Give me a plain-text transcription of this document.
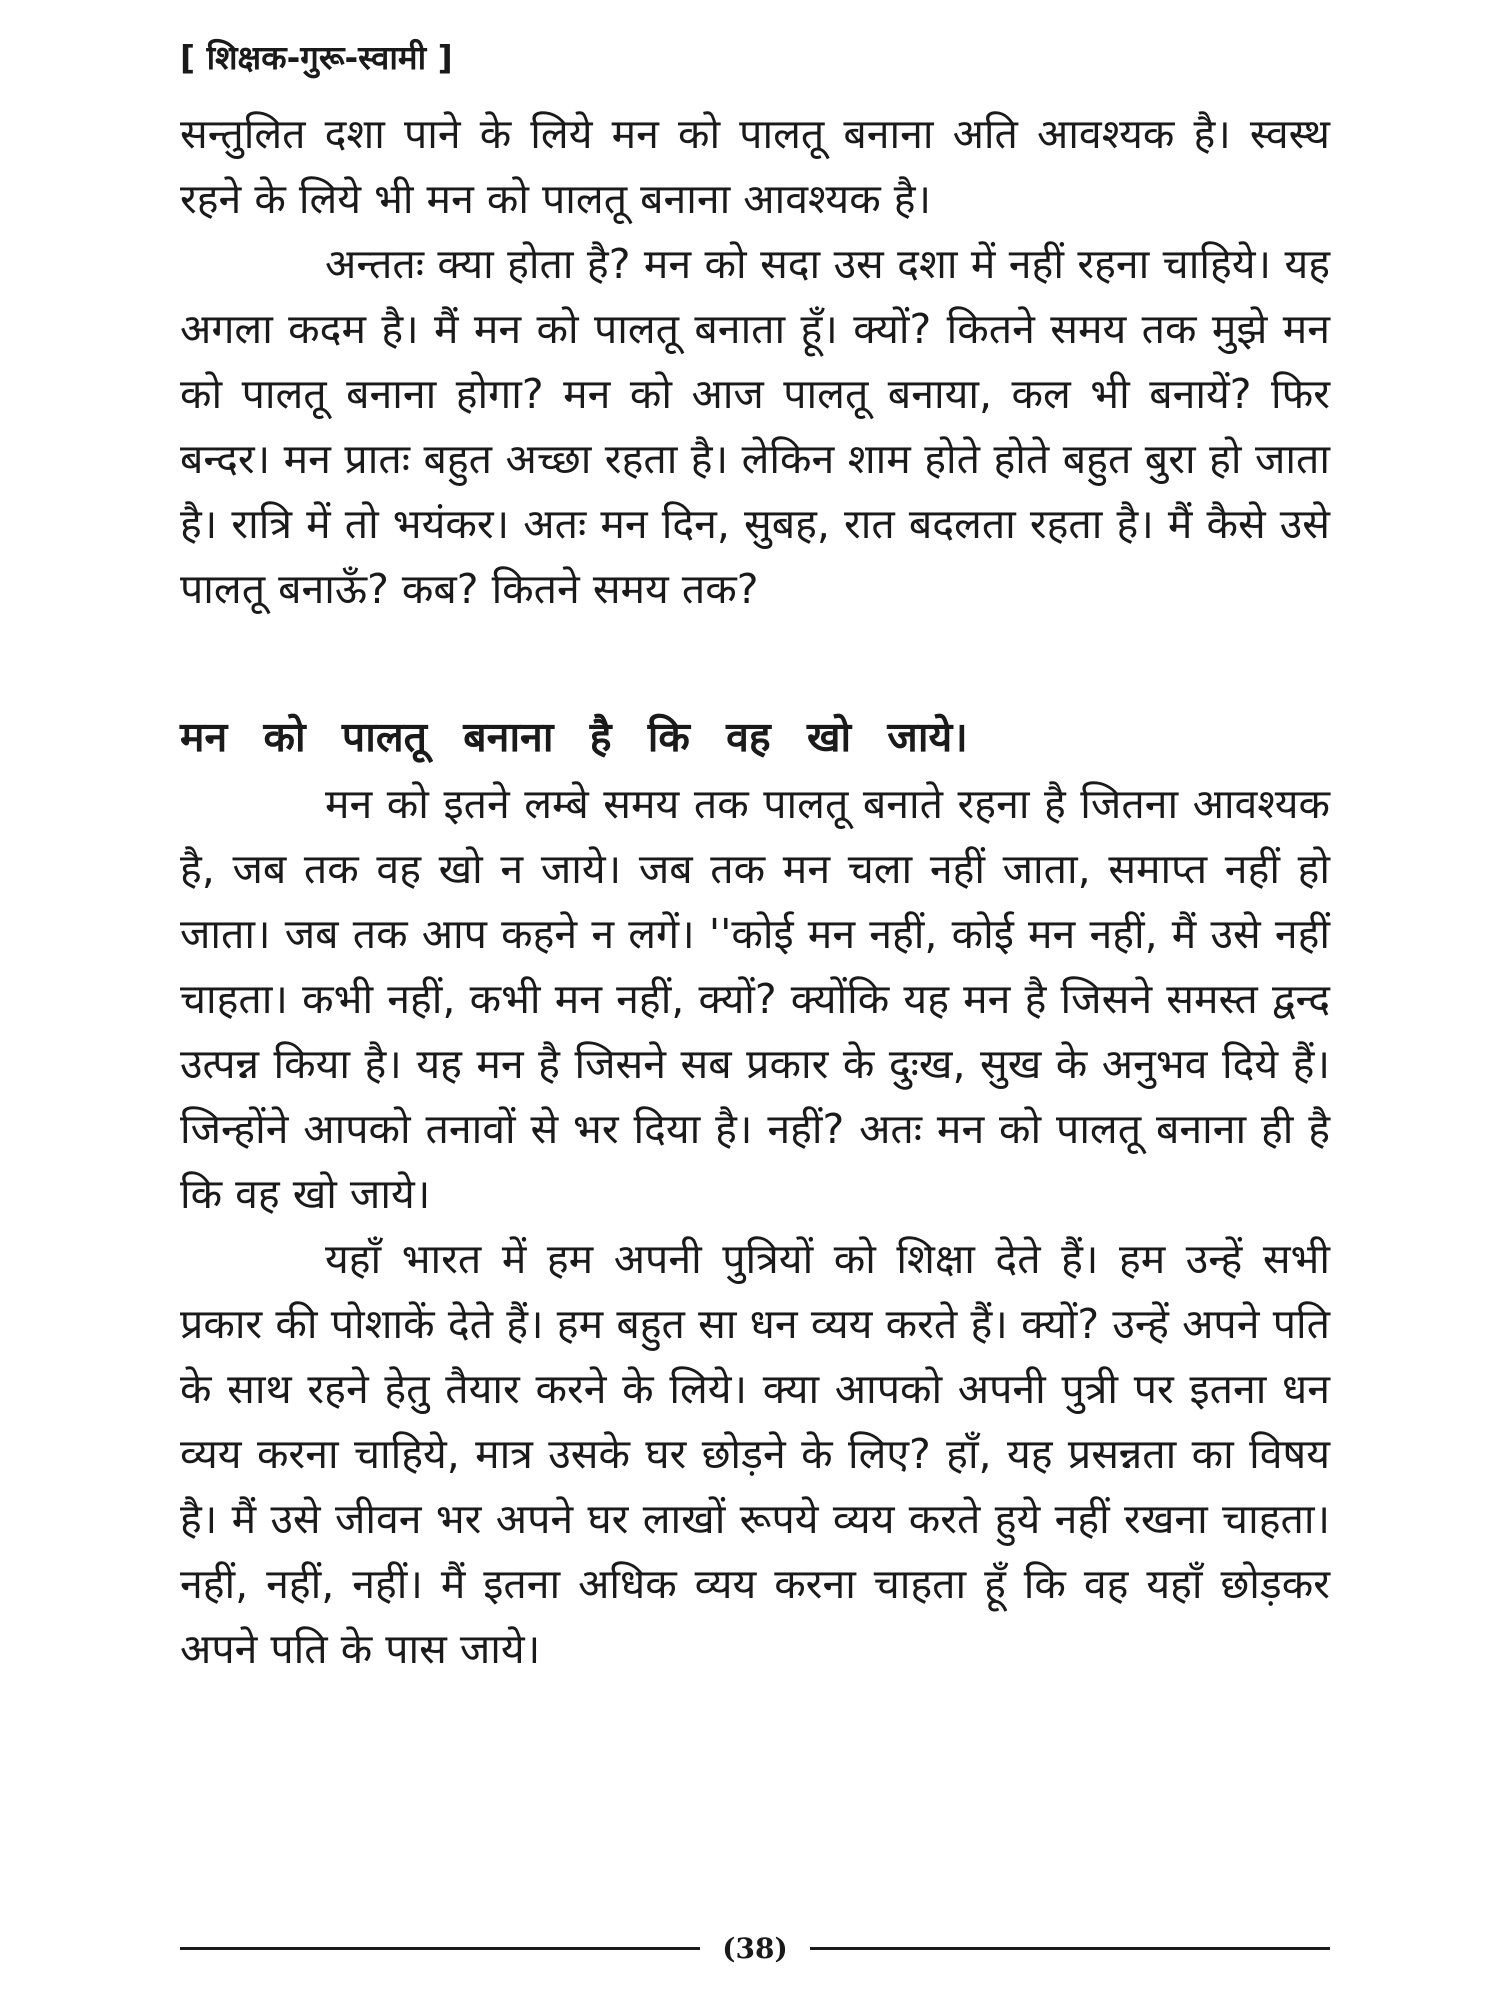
[ शिक्षक-गुरू-स्वामी ]

सन्तुलित दशा पाने के लिये मन को पालतू बनाना अति आवश्यक है। स्वस्थ रहने के लिये भी मन को पालतू बनाना आवश्यक है।

अन्ततः क्या होता है? मन को सदा उस दशा में नहीं रहना चाहिये। यह अगला कदम है। मैं मन को पालतू बनाता हूँ। क्यों? कितने समय तक मुझे मन को पालतू बनाना होगा? मन को आज पालतू बनाया, कल भी बनायें? फिर बन्दर। मन प्रातः बहुत अच्छा रहता है। लेकिन शाम होते होते बहुत बुरा हो जाता है। रात्रि में तो भयंकर। अतः मन दिन, सुबह, रात बदलता रहता है। मैं कैसे उसे पालतू बनाऊँ? कब? कितने समय तक?

मन को पालतू बनाना है कि वह खो जाये।

मन को इतने लम्बे समय तक पालतू बनाते रहना है जितना आवश्यक है, जब तक वह खो न जाये। जब तक मन चला नहीं जाता, समाप्त नहीं हो जाता। जब तक आप कहने न लगें। ''कोई मन नहीं, कोई मन नहीं, मैं उसे नहीं चाहता। कभी नहीं, कभी मन नहीं, क्यों? क्योंकि यह मन है जिसने समस्त द्वन्द उत्पन्न किया है। यह मन है जिसने सब प्रकार के दुःख, सुख के अनुभव दिये हैं। जिन्होंने आपको तनावों से भर दिया है। नहीं? अतः मन को पालतू बनाना ही है कि वह खो जाये।

यहाँ भारत में हम अपनी पुत्रियों को शिक्षा देते हैं। हम उन्हें सभी प्रकार की पोशाकें देते हैं। हम बहुत सा धन व्यय करते हैं। क्यों? उन्हें अपने पति के साथ रहने हेतु तैयार करने के लिये। क्या आपको अपनी पुत्री पर इतना धन व्यय करना चाहिये, मात्र उसके घर छोड़ने के लिए? हाँ, यह प्रसन्नता का विषय है। मैं उसे जीवन भर अपने घर लाखों रूपये व्यय करते हुये नहीं रखना चाहता। नहीं, नहीं, नहीं। मैं इतना अधिक व्यय करना चाहता हूँ कि वह यहाँ छोड़कर अपने पति के पास जाये।

(38)
